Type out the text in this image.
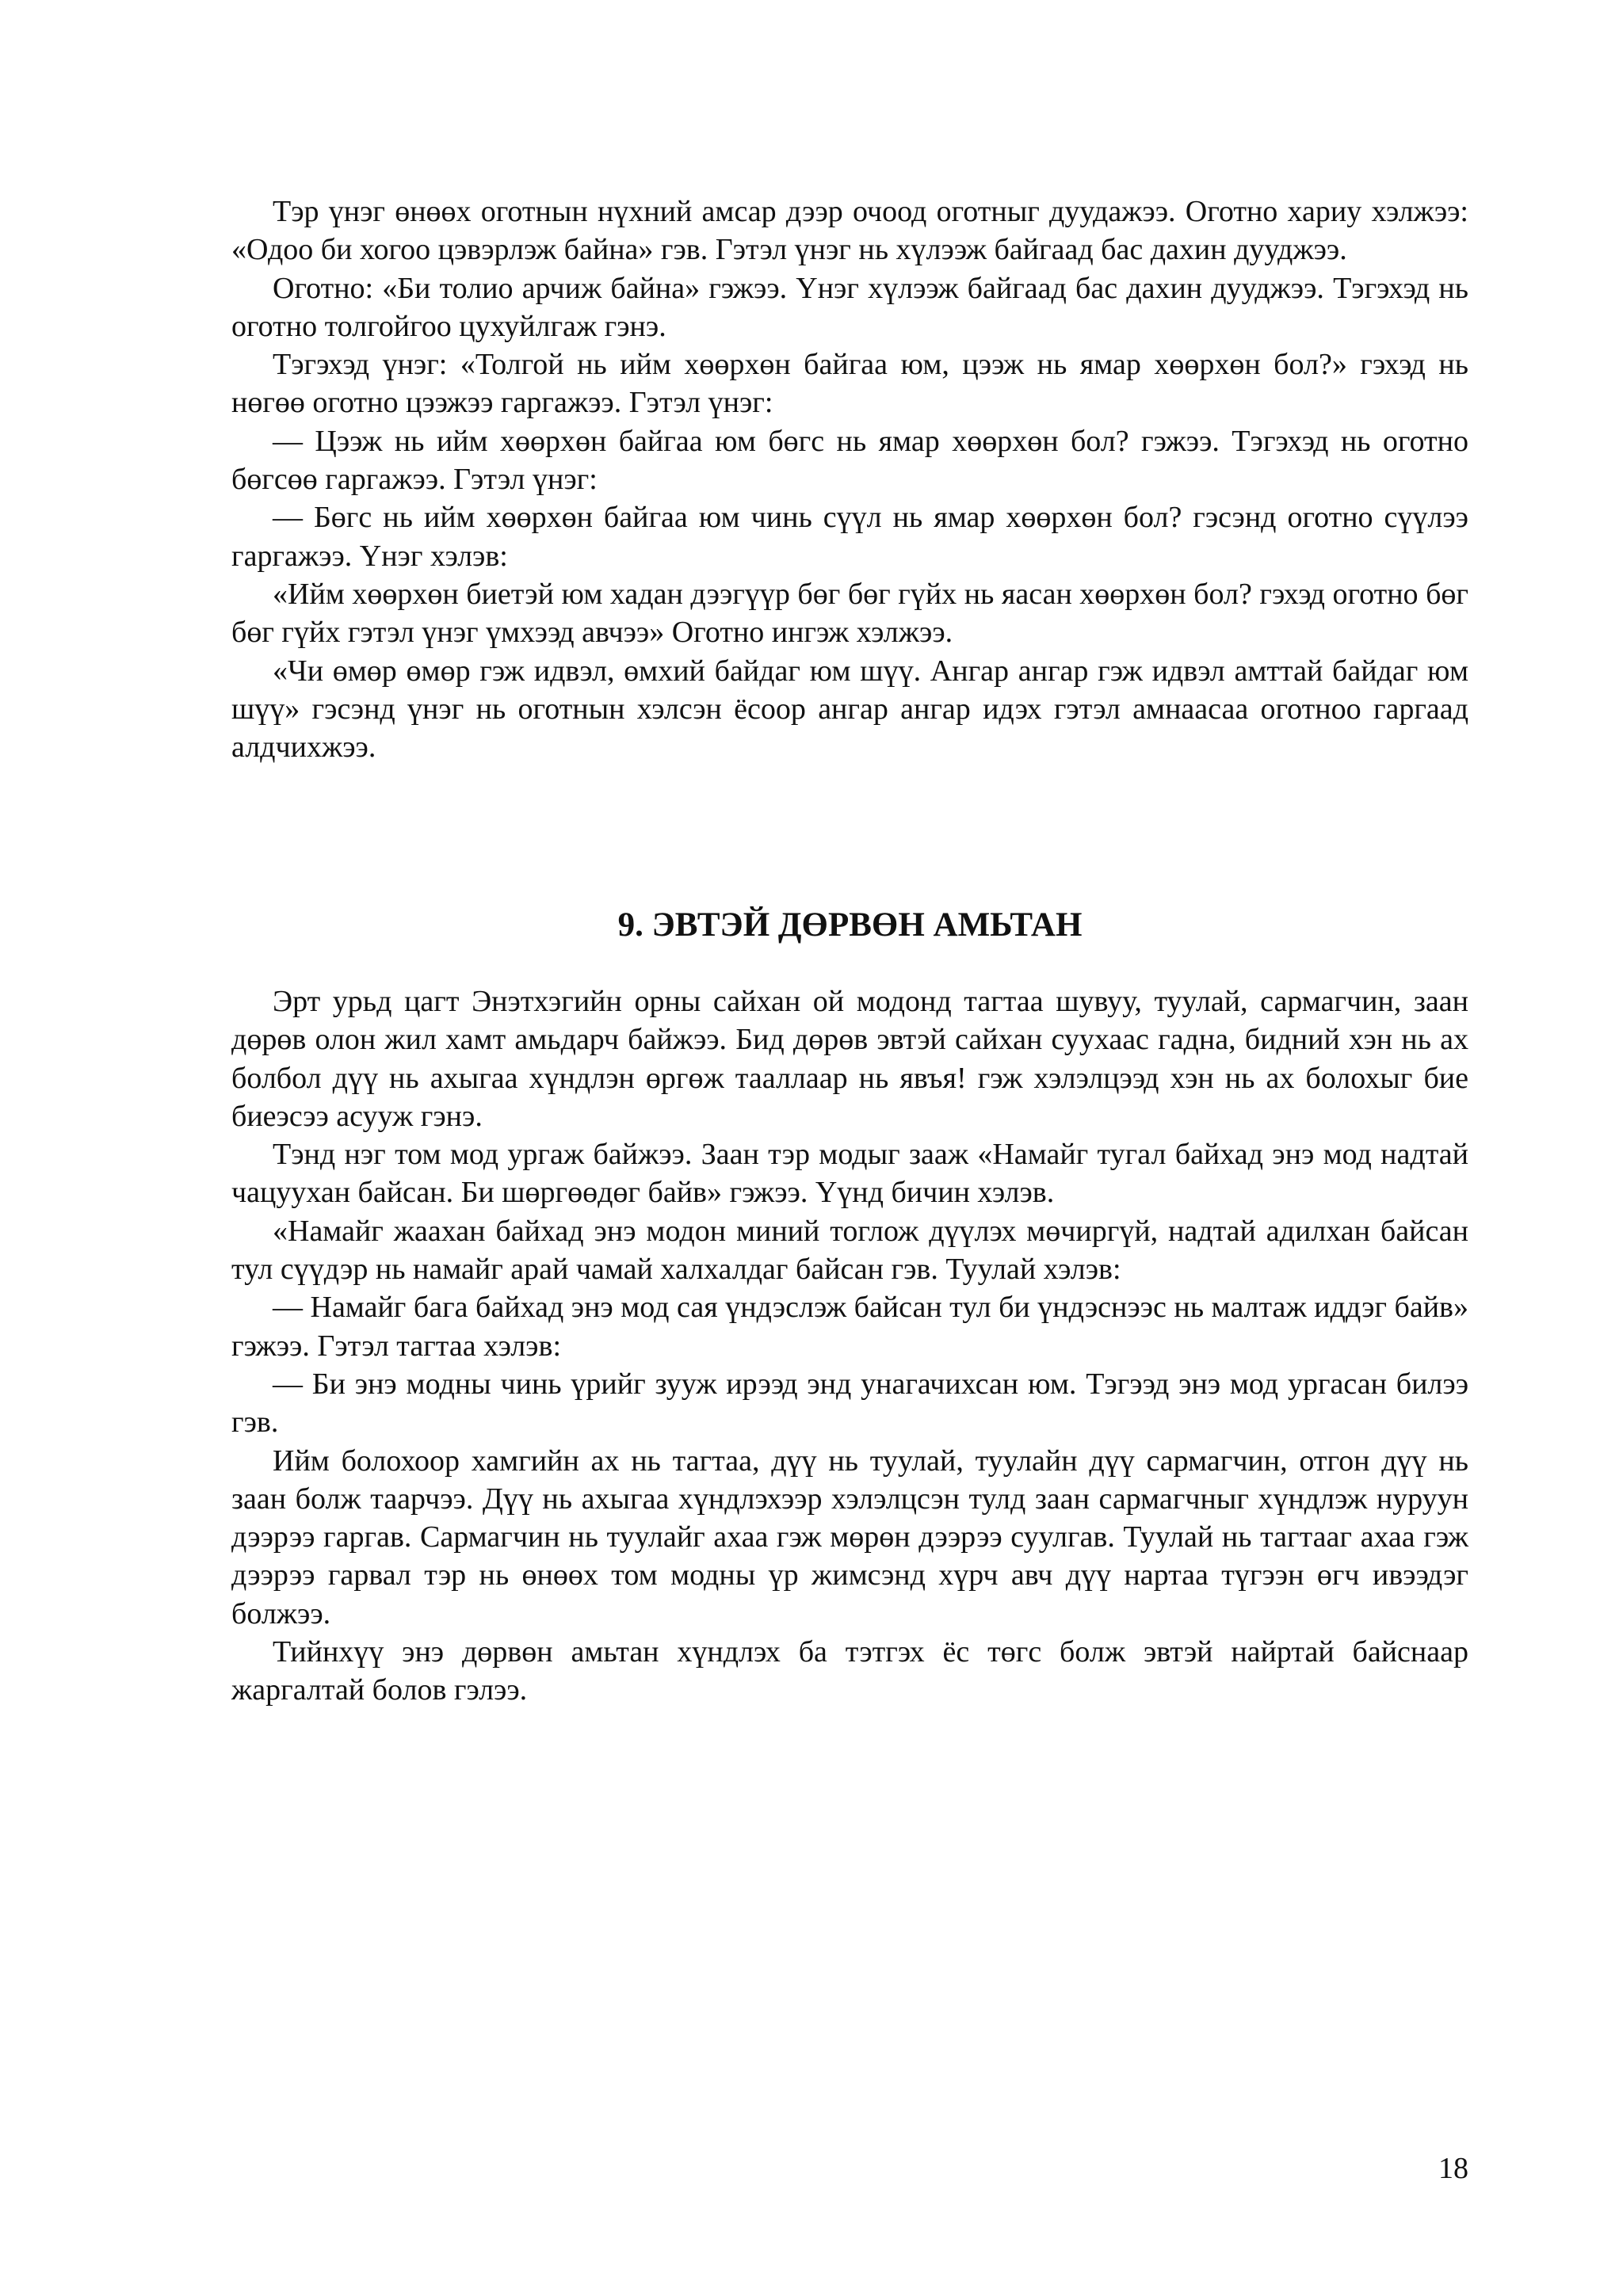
Тэр үнэг өнөөх оготнын нүхний амсар дээр очоод оготныг дуудажээ. Оготно хариу хэлжээ: «Одоо би хогоо цэвэрлэж байна» гэв. Гэтэл үнэг нь хүлээж байгаад бас дахин дууджээ.

Оготно: «Би толио арчиж байна» гэжээ. Үнэг хүлээж байгаад бас дахин дууджээ. Тэгэхэд нь оготно толгойгоо цухуйлгаж гэнэ.

Тэгэхэд үнэг: «Толгой нь ийм хөөрхөн байгаа юм, цээж нь ямар хөөрхөн бол?» гэхэд нь нөгөө оготно цээжээ гаргажээ. Гэтэл үнэг:

— Цээж нь ийм хөөрхөн байгаа юм бөгс нь ямар хөөрхөн бол? гэжээ. Тэгэхэд нь оготно бөгсөө гаргажээ. Гэтэл үнэг:

— Бөгс нь ийм хөөрхөн байгаа юм чинь сүүл нь ямар хөөрхөн бол? гэсэнд оготно сүүлээ гаргажээ. Үнэг хэлэв:

«Ийм хөөрхөн биетэй юм хадан дээгүүр бөг бөг гүйх нь яасан хөөрхөн бол? гэхэд оготно бөг бөг гүйх гэтэл үнэг үмхээд авчээ» Оготно ингэж хэлжээ.

«Чи өмөр өмөр гэж идвэл, өмхий байдаг юм шүү. Ангар ангар гэж идвэл амттай байдаг юм шүү» гэсэнд үнэг нь оготнын хэлсэн ёсоор ангар ангар идэх гэтэл амнаасаа оготноо гаргаад алдчихжээ.

9. ЭВТЭЙ ДӨРВӨН АМЬТАН

Эрт урьд цагт Энэтхэгийн орны сайхан ой модонд тагтаа шувуу, туулай, сармагчин, заан дөрөв олон жил хамт амьдарч байжээ. Бид дөрөв эвтэй сайхан суухаас гадна, бидний хэн нь ах болбол дүү нь ахыгаа хүндлэн өргөж тааллаар нь явъя! гэж хэлэлцээд хэн нь ах болохыг бие биеэсээ асууж гэнэ.

Тэнд нэг том мод ургаж байжээ. Заан тэр модыг зааж «Намайг тугал байхад энэ мод надтай чацуухан байсан. Би шөргөөдөг байв» гэжээ. Үүнд бичин хэлэв.

«Намайг жаахан байхад энэ модон миний тоглож дүүлэх мөчиргүй, надтай адилхан байсан тул сүүдэр нь намайг арай чамай халхалдаг байсан гэв. Туулай хэлэв:

— Намайг бага байхад энэ мод сая үндэслэж байсан тул би үндэснээс нь малтаж иддэг байв» гэжээ. Гэтэл тагтаа хэлэв:

— Би энэ модны чинь үрийг зууж ирээд энд унагачихсан юм. Тэгээд энэ мод ургасан билээ гэв.

Ийм болохоор хамгийн ах нь тагтаа, дүү нь туулай, туулайн дүү сармагчин, отгон дүү нь заан болж таарчээ. Дүү нь ахыгаа хүндлэхээр хэлэлцсэн тулд заан сармагчныг хүндлэж нуруун дээрээ гаргав. Сармагчин нь туулайг ахаа гэж мөрөн дээрээ суулгав. Туулай нь тагтааг ахаа гэж дээрээ гарвал тэр нь өнөөх том модны үр жимсэнд хүрч авч дүү нартаа түгээн өгч ивээдэг болжээ.

Тийнхүү энэ дөрвөн амьтан хүндлэх ба тэтгэх ёс төгс болж эвтэй найртай байснаар жаргалтай болов гэлээ.

18
